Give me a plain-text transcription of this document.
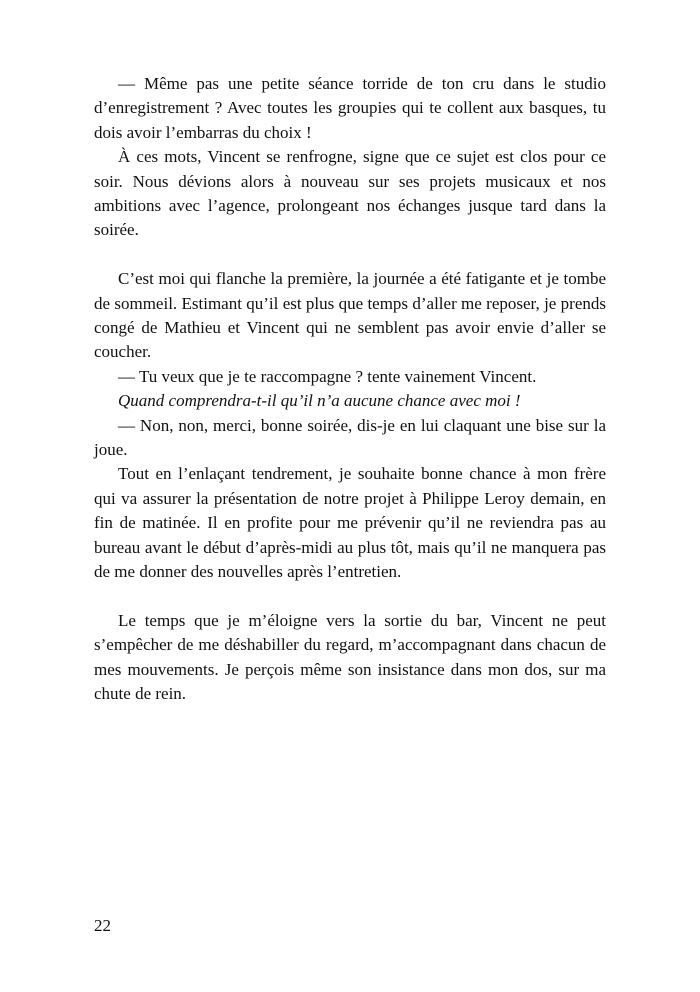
— Même pas une petite séance torride de ton cru dans le studio d’enregistrement ? Avec toutes les groupies qui te collent aux basques, tu dois avoir l’embarras du choix !

À ces mots, Vincent se renfrogne, signe que ce sujet est clos pour ce soir. Nous dévions alors à nouveau sur ses projets musicaux et nos ambitions avec l’agence, prolongeant nos échanges jusque tard dans la soirée.

C’est moi qui flanche la première, la journée a été fatigante et je tombe de sommeil. Estimant qu’il est plus que temps d’aller me reposer, je prends congé de Mathieu et Vincent qui ne semblent pas avoir envie d’aller se coucher.

— Tu veux que je te raccompagne ? tente vainement Vincent.

Quand comprendra-t-il qu’il n’a aucune chance avec moi !

— Non, non, merci, bonne soirée, dis-je en lui claquant une bise sur la joue.

Tout en l’enlaçant tendrement, je souhaite bonne chance à mon frère qui va assurer la présentation de notre projet à Philippe Leroy demain, en fin de matinée. Il en profite pour me prévenir qu’il ne reviendra pas au bureau avant le début d’après-midi au plus tôt, mais qu’il ne manquera pas de me donner des nouvelles après l’entretien.

Le temps que je m’éloigne vers la sortie du bar, Vincent ne peut s’empêcher de me déshabiller du regard, m’accompagnant dans chacun de mes mouvements. Je perçois même son insistance dans mon dos, sur ma chute de rein.

22
